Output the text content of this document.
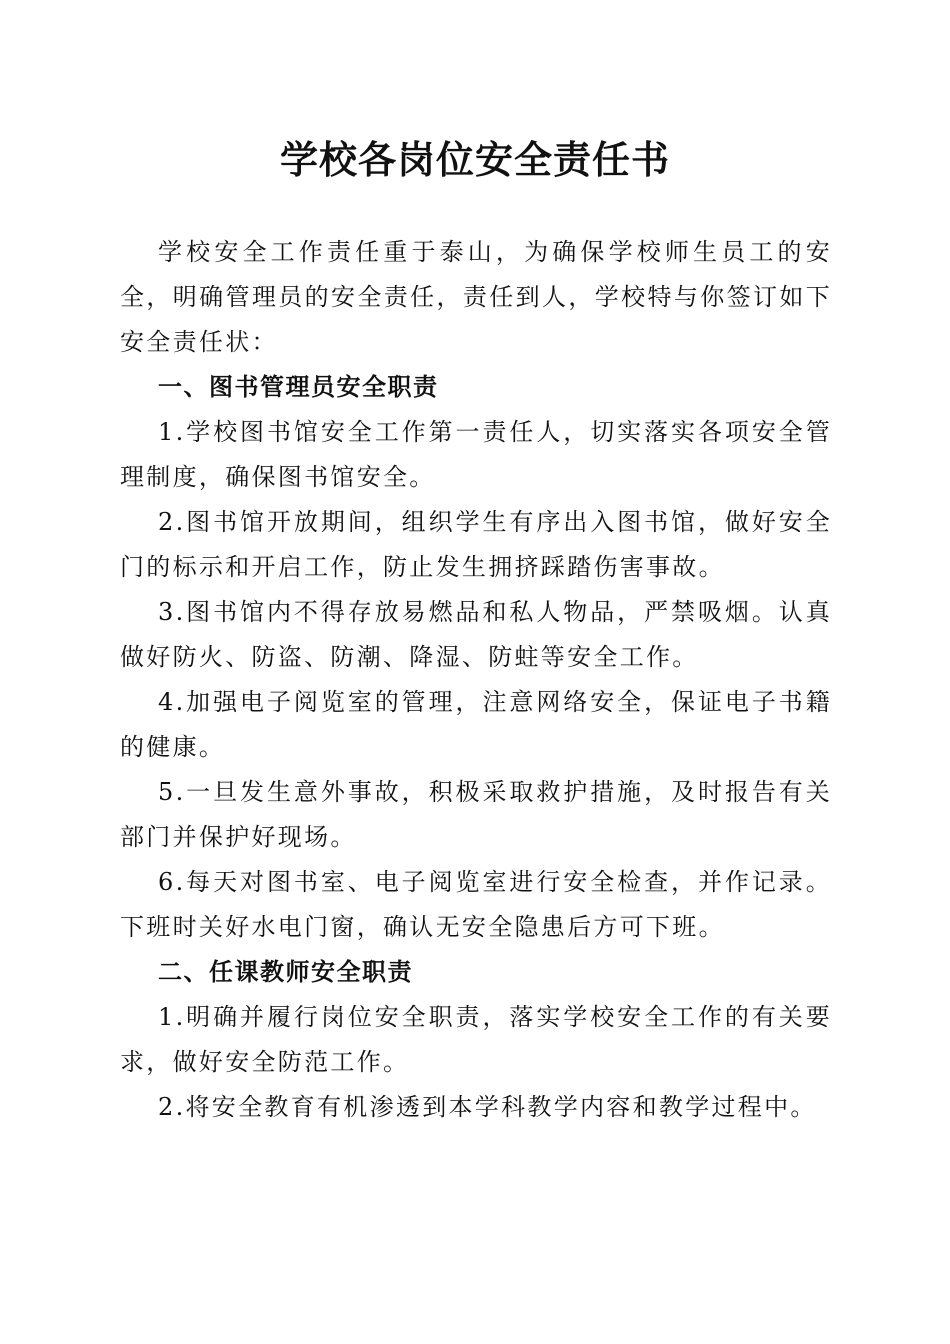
学校各岗位安全责任书

学校安全工作责任重于泰山，为确保学校师生员工的安全，明确管理员的安全责任，责任到人，学校特与你签订如下安全责任状：

一、图书管理员安全职责

1.学校图书馆安全工作第一责任人，切实落实各项安全管理制度，确保图书馆安全。

2.图书馆开放期间，组织学生有序出入图书馆，做好安全门的标示和开启工作，防止发生拥挤踩踏伤害事故。

3.图书馆内不得存放易燃品和私人物品，严禁吸烟。认真做好防火、防盗、防潮、降湿、防蛀等安全工作。

4.加强电子阅览室的管理，注意网络安全，保证电子书籍的健康。

5.一旦发生意外事故，积极采取救护措施，及时报告有关部门并保护好现场。

6.每天对图书室、电子阅览室进行安全检查，并作记录。下班时关好水电门窗，确认无安全隐患后方可下班。

二、任课教师安全职责

1.明确并履行岗位安全职责，落实学校安全工作的有关要求，做好安全防范工作。

2.将安全教育有机渗透到本学科教学内容和教学过程中。
